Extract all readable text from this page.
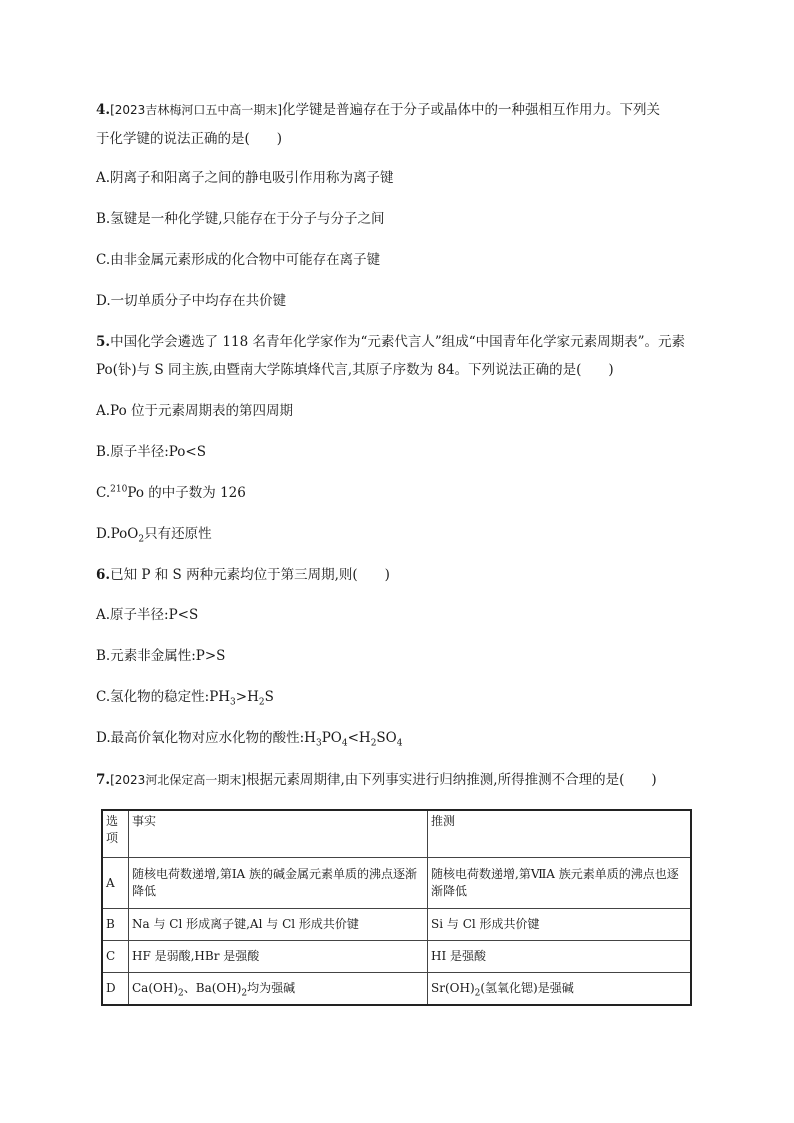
4.[2023吉林梅河口五中高一期末]化学键是普遍存在于分子或晶体中的一种强相互作用力。下列关
于化学键的说法正确的是(　　)
A.阴离子和阳离子之间的静电吸引作用称为离子键
B.氢键是一种化学键,只能存在于分子与分子之间
C.由非金属元素形成的化合物中可能存在离子键
D.一切单质分子中均存在共价键
5.中国化学会遴选了 118 名青年化学家作为“元素代言人”组成“中国青年化学家元素周期表”。元素
Po(钋)与 S 同主族,由暨南大学陈填烽代言,其原子序数为 84。下列说法正确的是(　　)
A.Po 位于元素周期表的第四周期
B.原子半径:Po<S
C.$^{210}$Po 的中子数为 126
D.PoO$_2$只有还原性
6.已知 P 和 S 两种元素均位于第三周期,则(　　)
A.原子半径:P<S
B.元素非金属性:P>S
C.氢化物的稳定性$:PH_3>H_2S$
D.最高价氧化物对应水化物的酸性$:H_3PO_4<H_2SO_4$
7.[2023河北保定高一期末]根据元素周期律,由下列事实进行归纳推测,所得推测不合理的是(　　)
选项	事实	推测
A	随核电荷数递增,第ⅠA 族的碱金属元素单质的沸点逐渐降低	随核电荷数递增,第ⅦA 族元素单质的沸点也逐渐降低
B	Na 与 Cl 形成离子键,Al 与 Cl 形成共价键	Si 与 Cl 形成共价键
C	HF 是弱酸,HBr 是强酸	HI 是强酸
D	$Ca(OH)_2$、$Ba(OH)_2$均为强碱	$Sr(OH)_2$(氢氧化锶)是强碱
